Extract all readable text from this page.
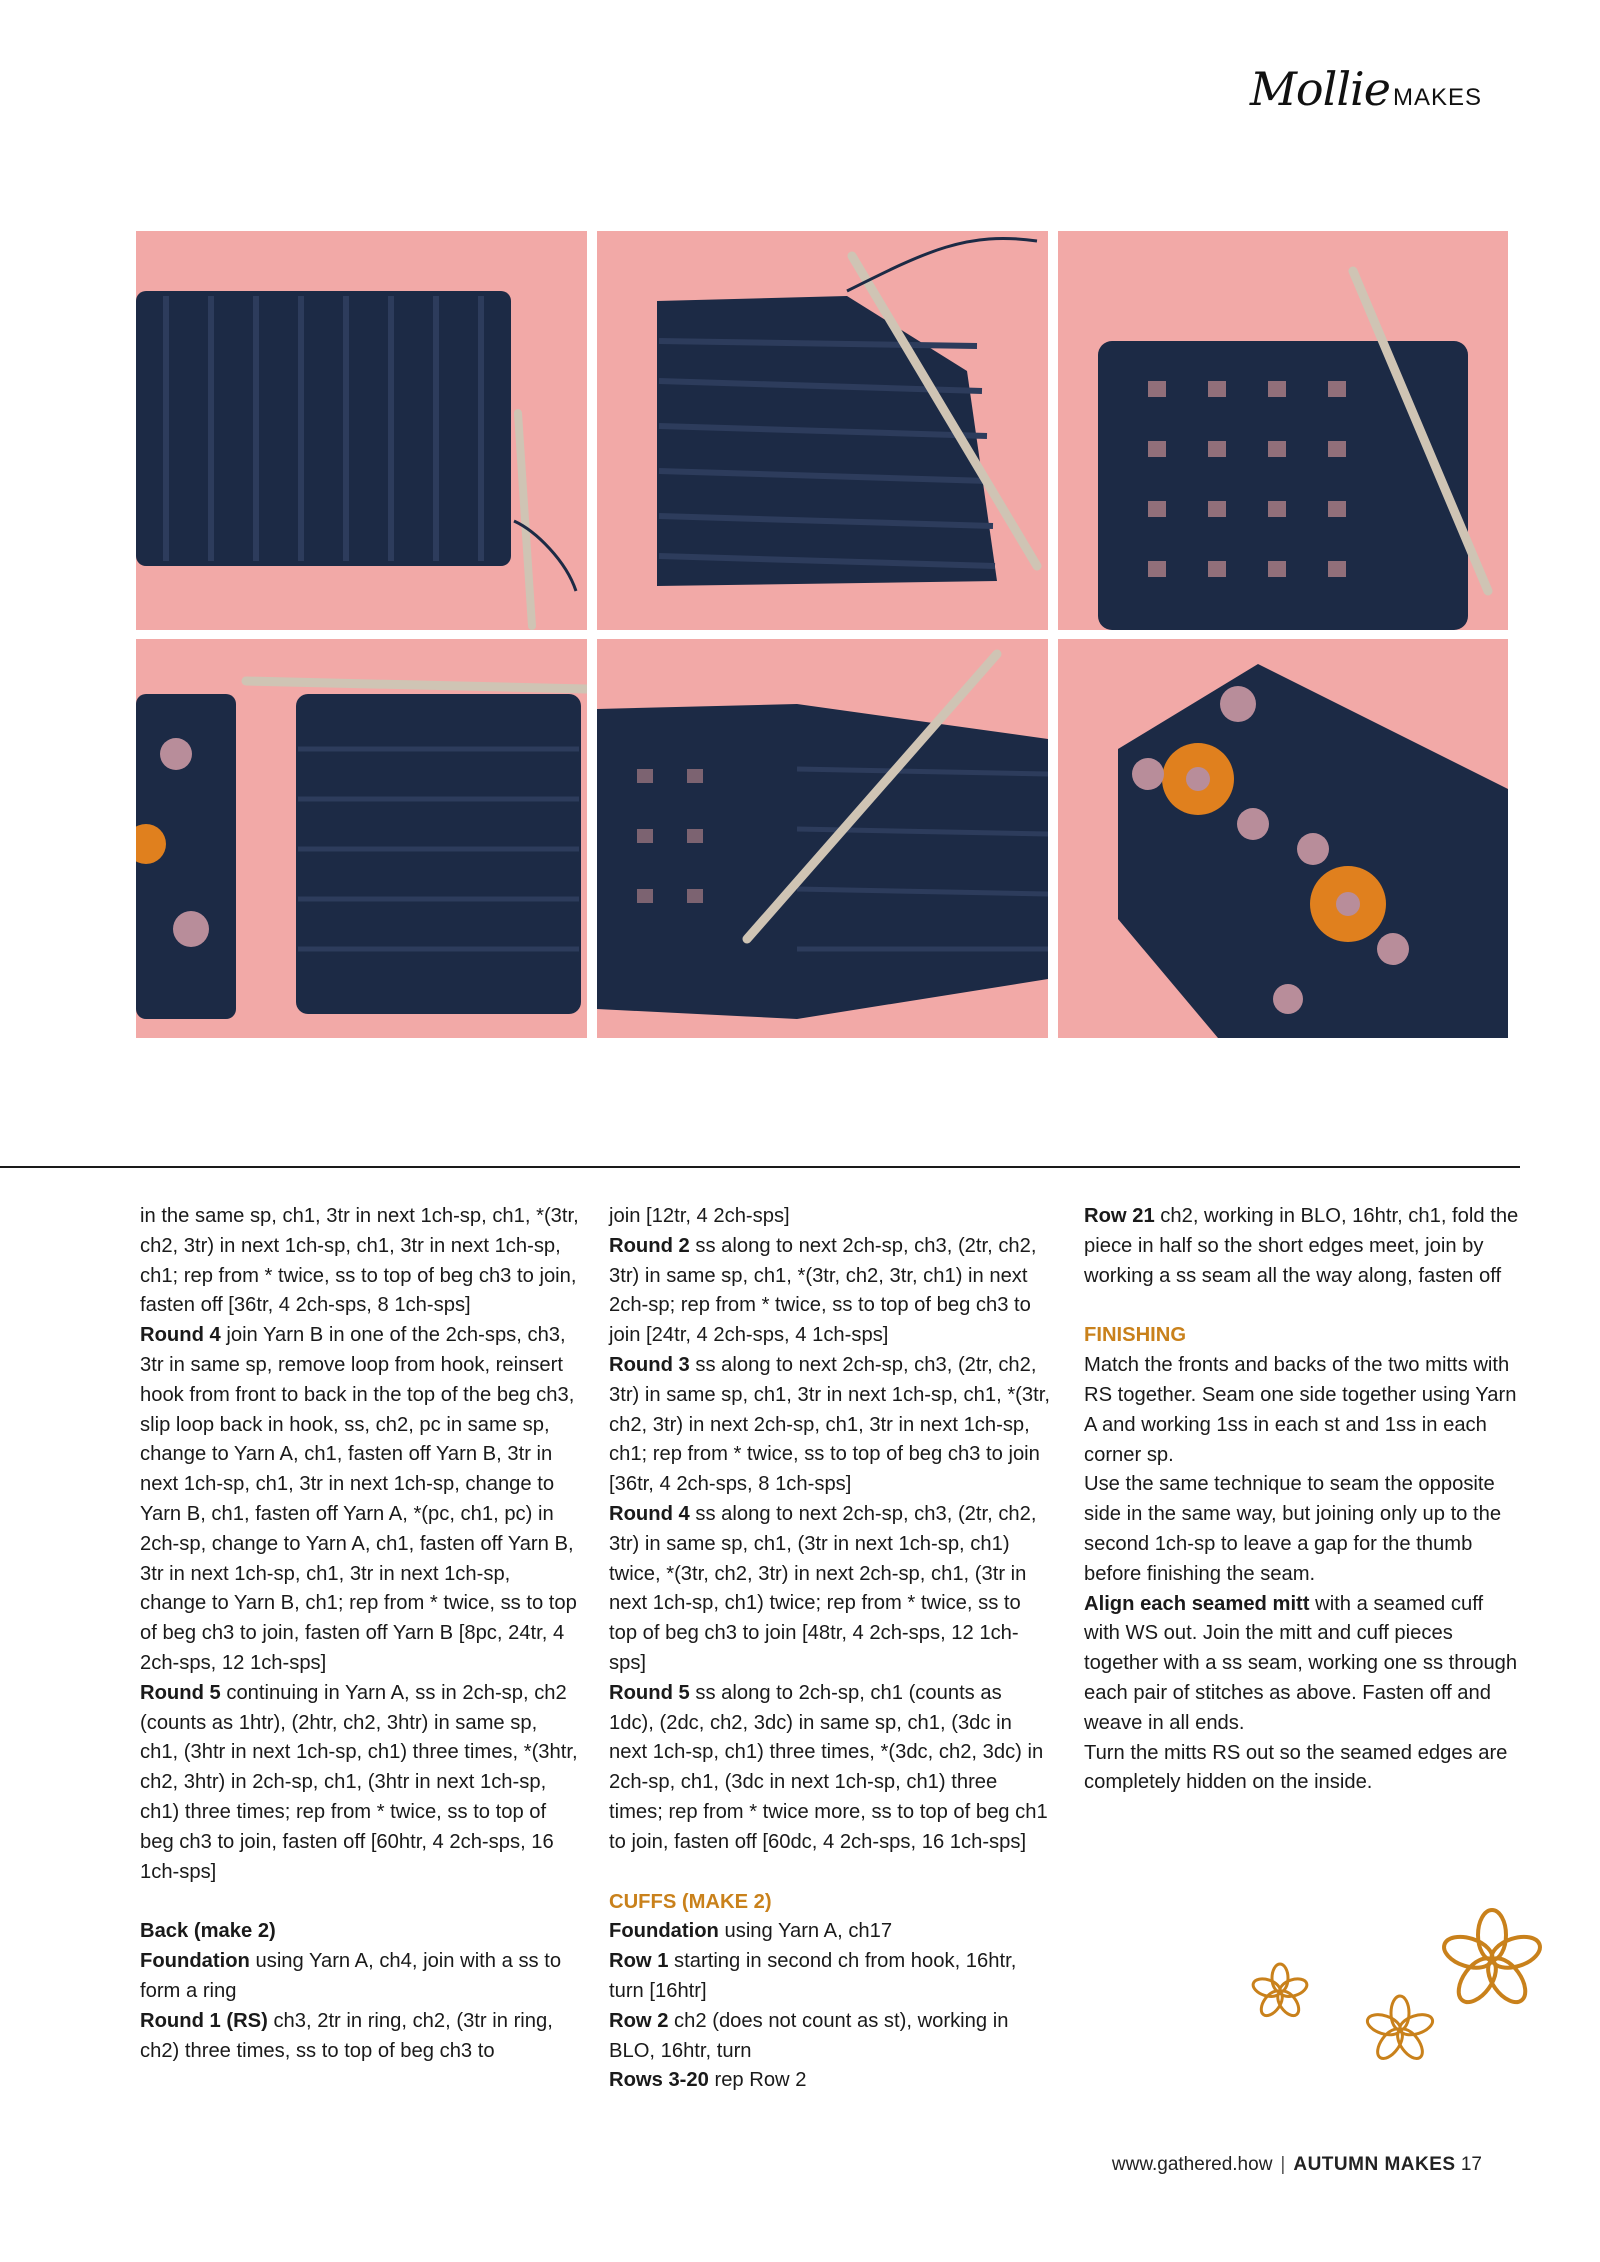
Mollie MAKES

in the same sp, ch1, 3tr in next 1ch-sp, ch1, *(3tr, ch2, 3tr) in next 1ch-sp, ch1, 3tr in next 1ch-sp, ch1; rep from * twice, ss to top of beg ch3 to join, fasten off [36tr, 4 2ch-sps, 8 1ch-sps]

Round 4 join Yarn B in one of the 2ch-sps, ch3, 3tr in same sp, remove loop from hook, reinsert hook from front to back in the top of the beg ch3, slip loop back in hook, ss, ch2, pc in same sp, change to Yarn A, ch1, fasten off Yarn B, 3tr in next 1ch-sp, ch1, 3tr in next 1ch-sp, change to Yarn B, ch1, fasten off Yarn A, *(pc, ch1, pc) in 2ch-sp, change to Yarn A, ch1, fasten off Yarn B, 3tr in next 1ch-sp, ch1, 3tr in next 1ch-sp, change to Yarn B, ch1; rep from * twice, ss to top of beg ch3 to join, fasten off Yarn B [8pc, 24tr, 4 2ch-sps, 12 1ch-sps]

Round 5 continuing in Yarn A, ss in 2ch-sp, ch2 (counts as 1htr), (2htr, ch2, 3htr) in same sp, ch1, (3htr in next 1ch-sp, ch1) three times, *(3htr, ch2, 3htr) in 2ch-sp, ch1, (3htr in next 1ch-sp, ch1) three times; rep from * twice, ss to top of beg ch3 to join, fasten off [60htr, 4 2ch-sps, 16 1ch-sps]

Back (make 2)

Foundation using Yarn A, ch4, join with a ss to form a ring

Round 1 (RS) ch3, 2tr in ring, ch2, (3tr in ring, ch2) three times, ss to top of beg ch3 to

join [12tr, 4 2ch-sps]

Round 2 ss along to next 2ch-sp, ch3, (2tr, ch2, 3tr) in same sp, ch1, *(3tr, ch2, 3tr, ch1) in next 2ch-sp; rep from * twice, ss to top of beg ch3 to join [24tr, 4 2ch-sps, 4 1ch-sps]

Round 3 ss along to next 2ch-sp, ch3, (2tr, ch2, 3tr) in same sp, ch1, 3tr in next 1ch-sp, ch1, *(3tr, ch2, 3tr) in next 2ch-sp, ch1, 3tr in next 1ch-sp, ch1; rep from * twice, ss to top of beg ch3 to join [36tr, 4 2ch-sps, 8 1ch-sps]

Round 4 ss along to next 2ch-sp, ch3, (2tr, ch2, 3tr) in same sp, ch1, (3tr in next 1ch-sp, ch1) twice, *(3tr, ch2, 3tr) in next 2ch-sp, ch1, (3tr in next 1ch-sp, ch1) twice; rep from * twice, ss to top of beg ch3 to join [48tr, 4 2ch-sps, 12 1ch-sps]

Round 5 ss along to 2ch-sp, ch1 (counts as 1dc), (2dc, ch2, 3dc) in same sp, ch1, (3dc in next 1ch-sp, ch1) three times, *(3dc, ch2, 3dc) in 2ch-sp, ch1, (3dc in next 1ch-sp, ch1) three times; rep from * twice more, ss to top of beg ch1 to join, fasten off [60dc, 4 2ch-sps, 16 1ch-sps]

CUFFS (MAKE 2)

Foundation using Yarn A, ch17

Row 1 starting in second ch from hook, 16htr, turn [16htr]

Row 2 ch2 (does not count as st), working in BLO, 16htr, turn

Rows 3-20 rep Row 2

Row 21 ch2, working in BLO, 16htr, ch1, fold the piece in half so the short edges meet, join by working a ss seam all the way along, fasten off

FINISHING

Match the fronts and backs of the two mitts with RS together. Seam one side together using Yarn A and working 1ss in each st and 1ss in each corner sp.

Use the same technique to seam the opposite side in the same way, but joining only up to the second 1ch-sp to leave a gap for the thumb before finishing the seam.

Align each seamed mitt with a seamed cuff with WS out. Join the mitt and cuff pieces together with a ss seam, working one ss through each pair of stitches as above. Fasten off and weave in all ends.

Turn the mitts RS out so the seamed edges are completely hidden on the inside.

www.gathered.how | AUTUMN MAKES 17
